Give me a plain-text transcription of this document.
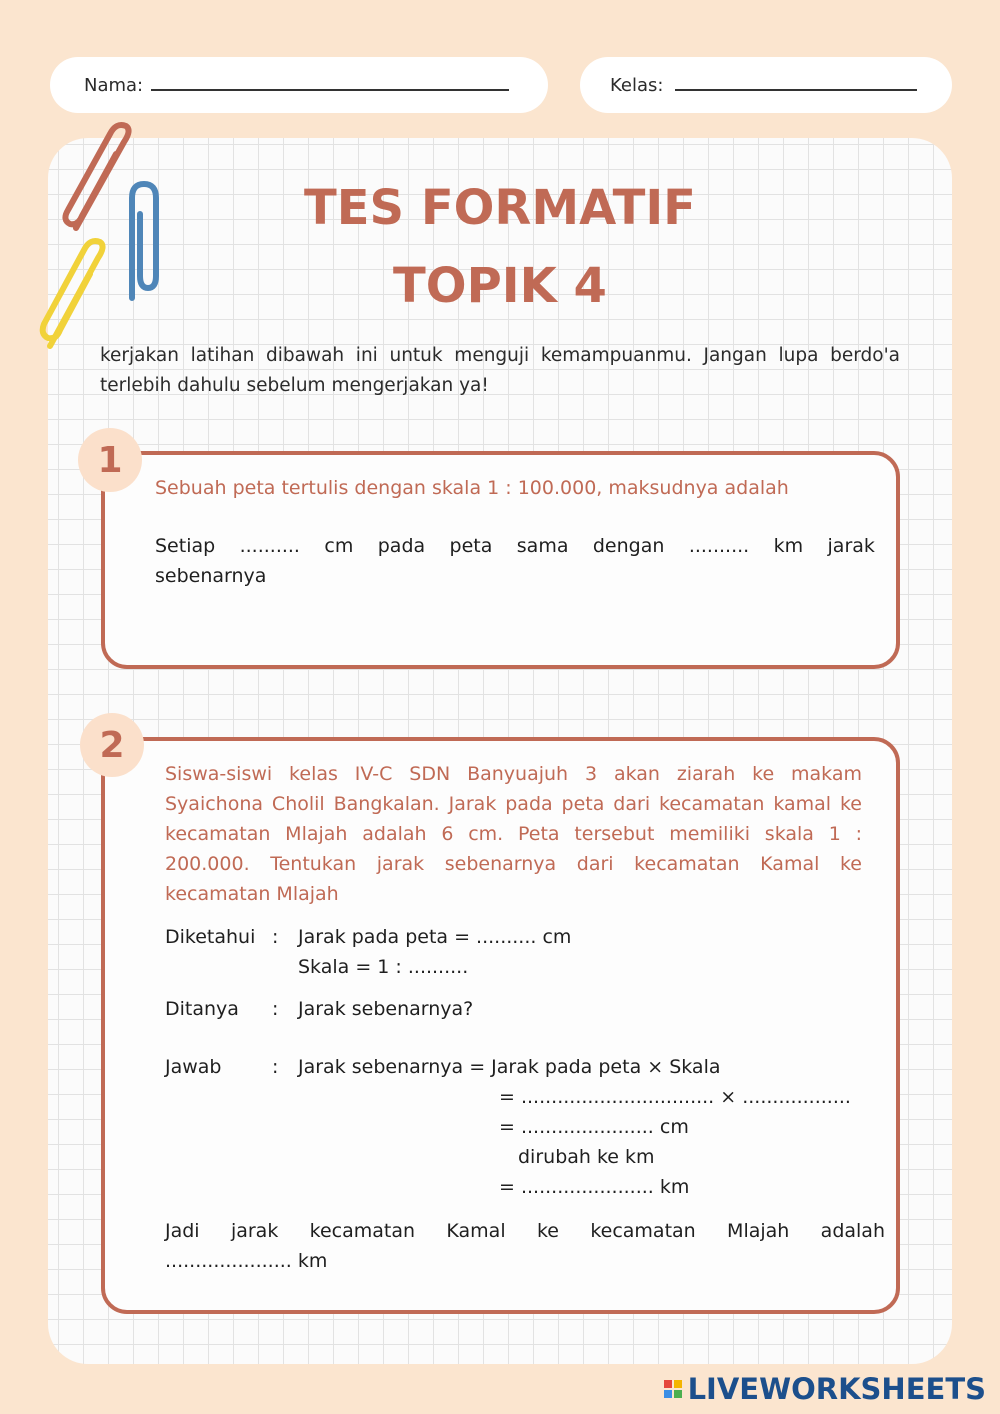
Nama:	Kelas:
TES FORMATIF
TOPIK 4
kerjakan latihan dibawah ini untuk menguji kemampuanmu. Jangan lupa berdo'a terlebih dahulu sebelum mengerjakan ya!
1
Sebuah peta tertulis dengan skala 1 : 100.000, maksudnya adalah
Setiap .......... cm pada peta sama dengan .......... km jarak
sebenarnya
2
Siswa-siswi kelas IV-C SDN Banyuajuh 3 akan ziarah ke makam Syaichona Cholil Bangkalan. Jarak pada peta dari kecamatan kamal ke kecamatan Mlajah adalah 6 cm. Peta tersebut memiliki skala 1 : 200.000. Tentukan jarak sebenarnya dari kecamatan Kamal ke kecamatan Mlajah
Diketahui : Jarak pada peta = .......... cm
Skala = 1 : ..........
Ditanya : Jarak sebenarnya?
Jawab	: Jarak sebenarnya = Jarak pada peta × Skala
= ................................ × ..................
= ...................... cm
dirubah ke km
= ...................... km
Jadi jarak kecamatan Kamal ke kecamatan Mlajah adalah
..................... km
LIVEWORKSHEETS
